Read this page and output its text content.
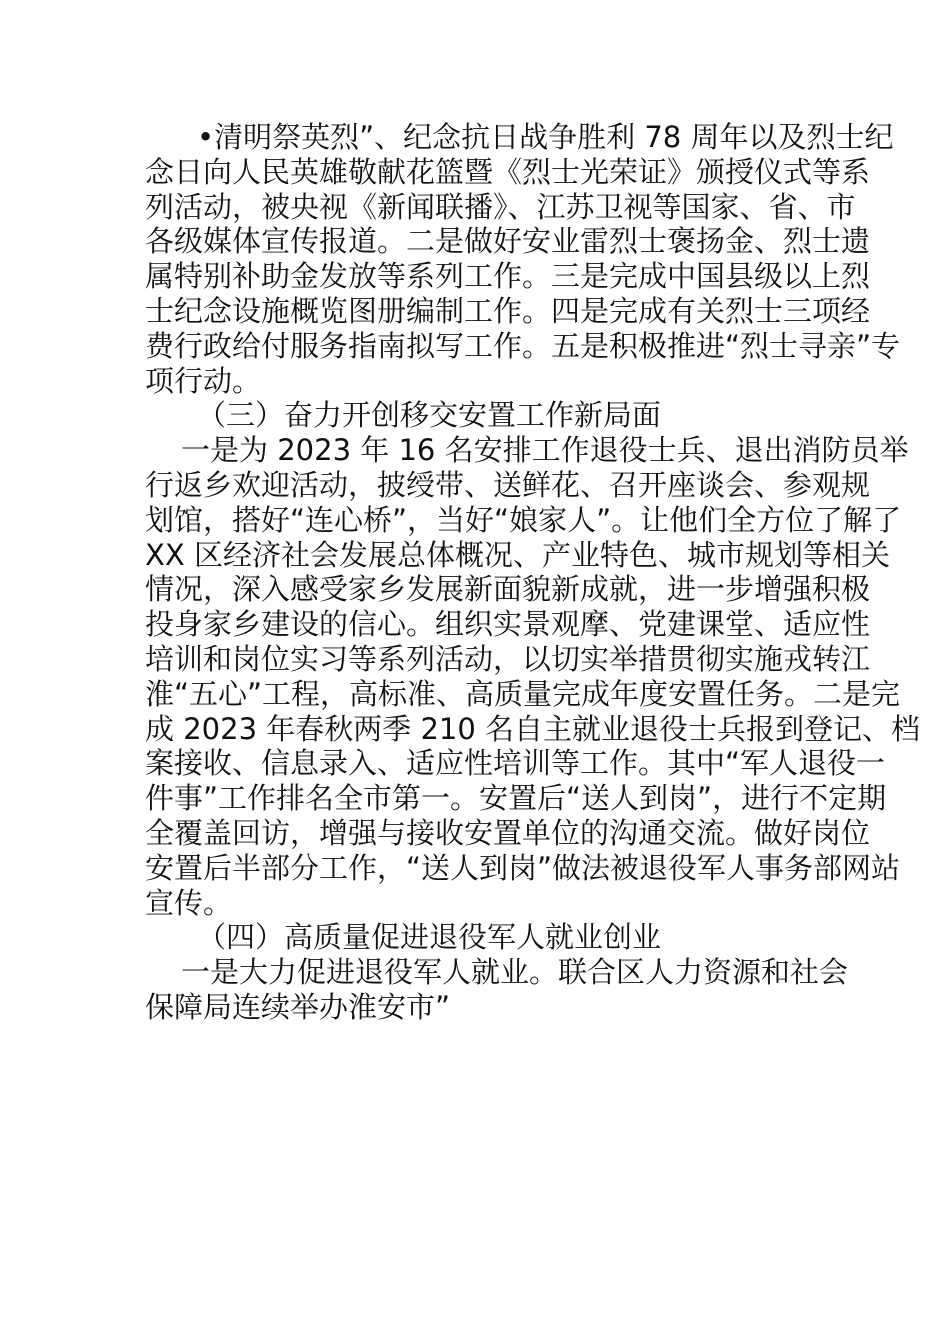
•清明祭英烈”、纪念抗日战争胜利 78 周年以及烈士纪
念日向人民英雄敬献花篮暨《烈士光荣证》颁授仪式等系
列活动，被央视《新闻联播》、江苏卫视等国家、省、市
各级媒体宣传报道。二是做好安业雷烈士褒扬金、烈士遗
属特别补助金发放等系列工作。三是完成中国县级以上烈
士纪念设施概览图册编制工作。四是完成有关烈士三项经
费行政给付服务指南拟写工作。五是积极推进“烈士寻亲”专
项行动。
（三）奋力开创移交安置工作新局面
一是为 2023 年 16 名安排工作退役士兵、退出消防员举
行返乡欢迎活动，披绶带、送鲜花、召开座谈会、参观规
划馆，搭好“连心桥”，当好“娘家人”。让他们全方位了解了
XX 区经济社会发展总体概况、产业特色、城市规划等相关
情况，深入感受家乡发展新面貌新成就，进一步增强积极
投身家乡建设的信心。组织实景观摩、党建课堂、适应性
培训和岗位实习等系列活动，以切实举措贯彻实施戎转江
淮“五心”工程，高标准、高质量完成年度安置任务。二是完
成 2023 年春秋两季 210 名自主就业退役士兵报到登记、档
案接收、信息录入、适应性培训等工作。其中“军人退役一
件事”工作排名全市第一。安置后“送人到岗”，进行不定期
全覆盖回访，增强与接收安置单位的沟通交流。做好岗位
安置后半部分工作，“送人到岗”做法被退役军人事务部网站
宣传。
（四）高质量促进退役军人就业创业
一是大力促进退役军人就业。联合区人力资源和社会
保障局连续举办淮安市”
